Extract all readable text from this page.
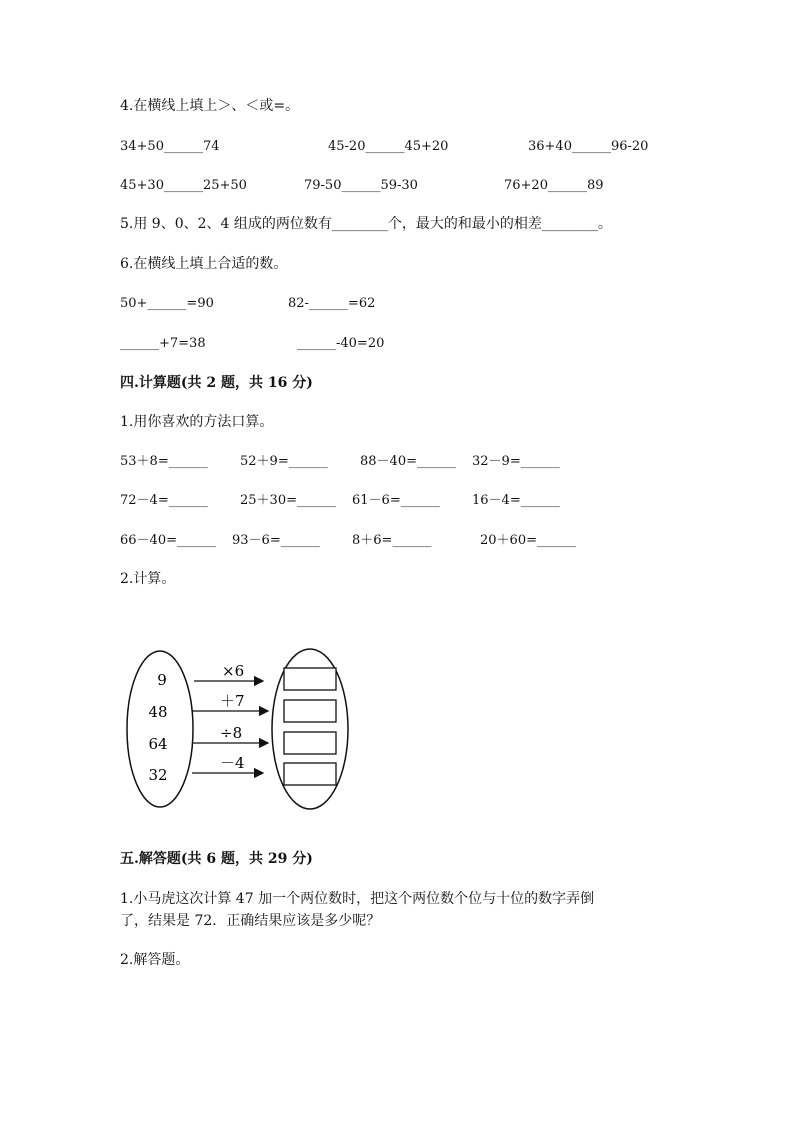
4.在横线上填上＞、＜或=。
34+50______74	45-20______45+20	36+40______96-20
45+30______25+50	79-50______59-30	76+20______89
5.用 9、0、2、4 组成的两位数有________个，最大的和最小的相差________。
6.在横线上填上合适的数。
50+______=90	82-______=62
______+7=38	______-40=20
四.计算题(共 2 题，共 16 分)
1.用你喜欢的方法口算。
53＋8=______ 52＋9=______ 88－40=______ 32－9=______
72－4=______ 25＋30=______ 61－6=______ 16－4=______
66－40=______ 93－6=______ 8＋6=______	20＋60=______
2.计算。
9
48
64
32
×6
＋7
÷8
－4
五.解答题(共 6 题，共 29 分)
1.小马虎这次计算 47 加一个两位数时，把这个两位数个位与十位的数字弄倒
了，结果是 72．正确结果应该是多少呢？
2.解答题。
